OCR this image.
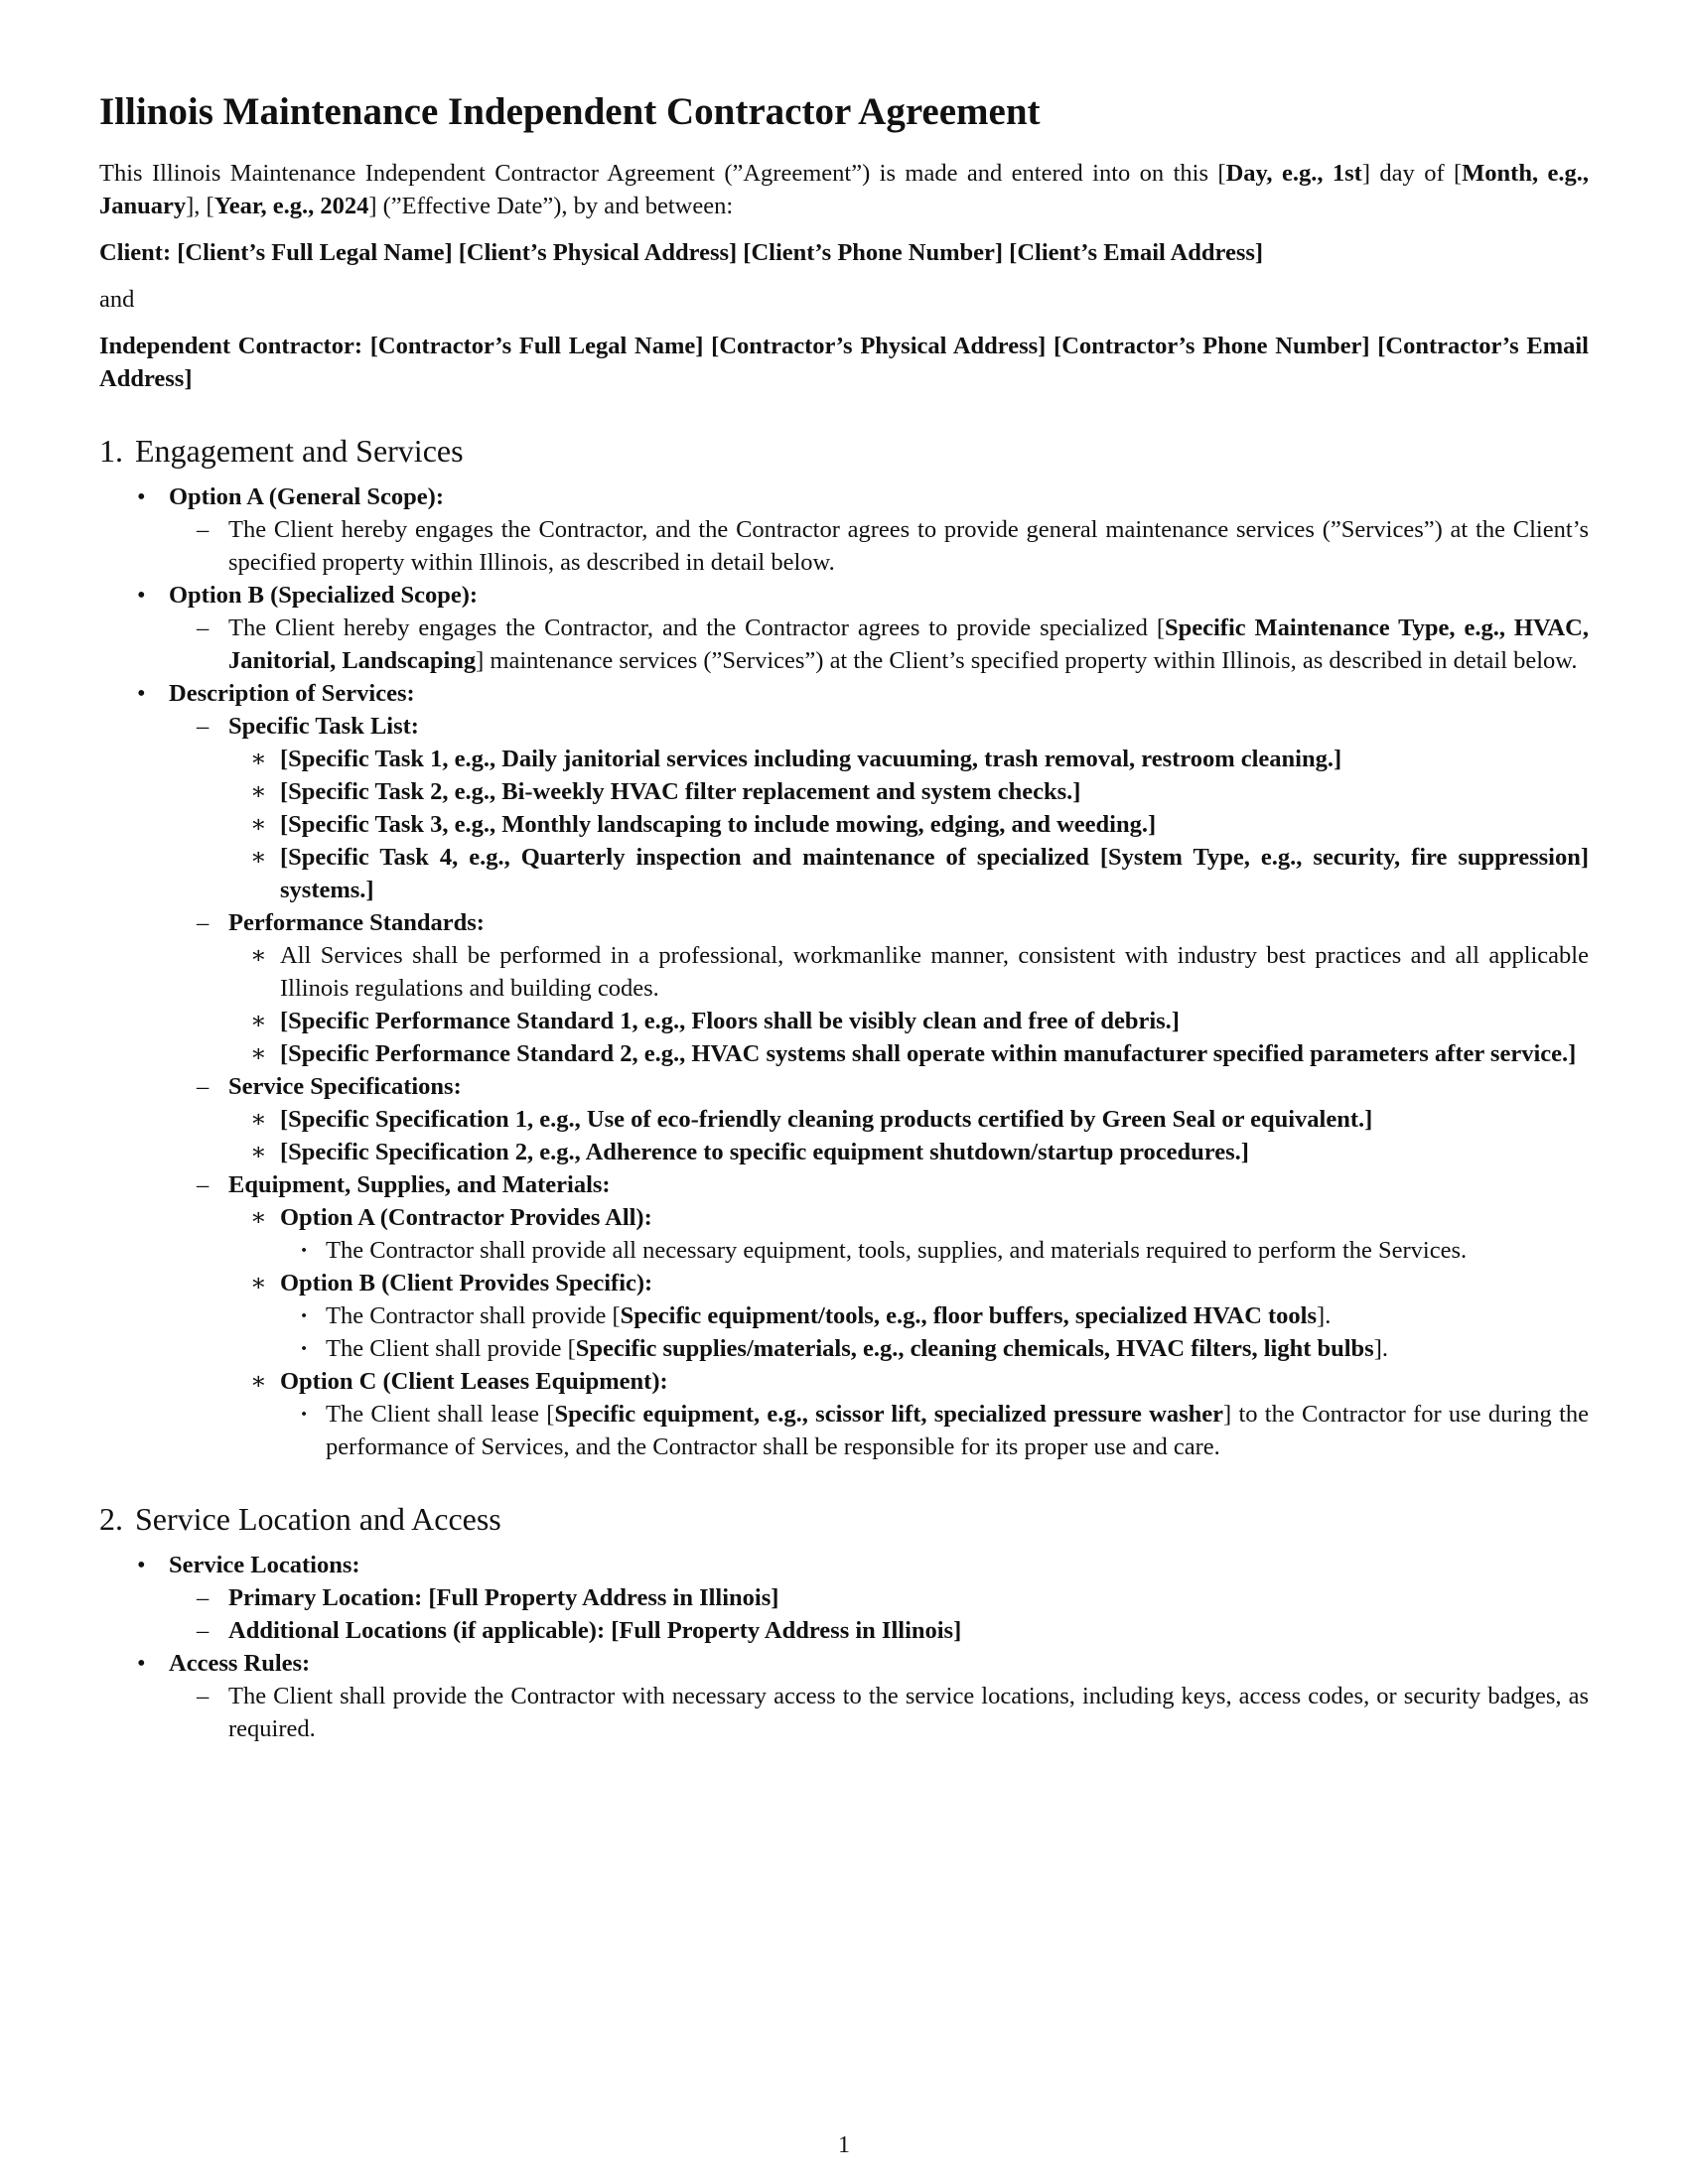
Illinois Maintenance Independent Contractor Agreement

This Illinois Maintenance Independent Contractor Agreement (”Agreement”) is made and entered into on this [Day, e.g., 1st] day of [Month, e.g., January], [Year, e.g., 2024] (”Effective Date”), by and between:

Client: [Client’s Full Legal Name] [Client’s Physical Address] [Client’s Phone Number] [Client’s Email Address]

and

Independent Contractor: [Contractor’s Full Legal Name] [Contractor’s Physical Address] [Contractor’s Phone Number] [Contractor’s Email Address]

1. Engagement and Services
• Option A (General Scope):
– The Client hereby engages the Contractor, and the Contractor agrees to provide general maintenance services (”Services”) at the Client’s specified property within Illinois, as described in detail below.
• Option B (Specialized Scope):
– The Client hereby engages the Contractor, and the Contractor agrees to provide specialized [Specific Maintenance Type, e.g., HVAC, Janitorial, Landscaping] maintenance services (”Services”) at the Client’s specified property within Illinois, as described in detail below.
• Description of Services:
– Specific Task List:
∗ [Specific Task 1, e.g., Daily janitorial services including vacuuming, trash removal, restroom cleaning.]
∗ [Specific Task 2, e.g., Bi-weekly HVAC filter replacement and system checks.]
∗ [Specific Task 3, e.g., Monthly landscaping to include mowing, edging, and weeding.]
∗ [Specific Task 4, e.g., Quarterly inspection and maintenance of specialized [System Type, e.g., security, fire suppression] systems.]
– Performance Standards:
∗ All Services shall be performed in a professional, workmanlike manner, consistent with industry best practices and all applicable Illinois regulations and building codes.
∗ [Specific Performance Standard 1, e.g., Floors shall be visibly clean and free of debris.]
∗ [Specific Performance Standard 2, e.g., HVAC systems shall operate within manufacturer specified parameters after service.]
– Service Specifications:
∗ [Specific Specification 1, e.g., Use of eco-friendly cleaning products certified by Green Seal or equivalent.]
∗ [Specific Specification 2, e.g., Adherence to specific equipment shutdown/startup procedures.]
– Equipment, Supplies, and Materials:
∗ Option A (Contractor Provides All):
· The Contractor shall provide all necessary equipment, tools, supplies, and materials required to perform the Services.
∗ Option B (Client Provides Specific):
· The Contractor shall provide [Specific equipment/tools, e.g., floor buffers, specialized HVAC tools].
· The Client shall provide [Specific supplies/materials, e.g., cleaning chemicals, HVAC filters, light bulbs].
∗ Option C (Client Leases Equipment):
· The Client shall lease [Specific equipment, e.g., scissor lift, specialized pressure washer] to the Contractor for use during the performance of Services, and the Contractor shall be responsible for its proper use and care.
2. Service Location and Access
• Service Locations:
– Primary Location: [Full Property Address in Illinois]
– Additional Locations (if applicable): [Full Property Address in Illinois]
• Access Rules:
– The Client shall provide the Contractor with necessary access to the service locations, including keys, access codes, or security badges, as required.
1
